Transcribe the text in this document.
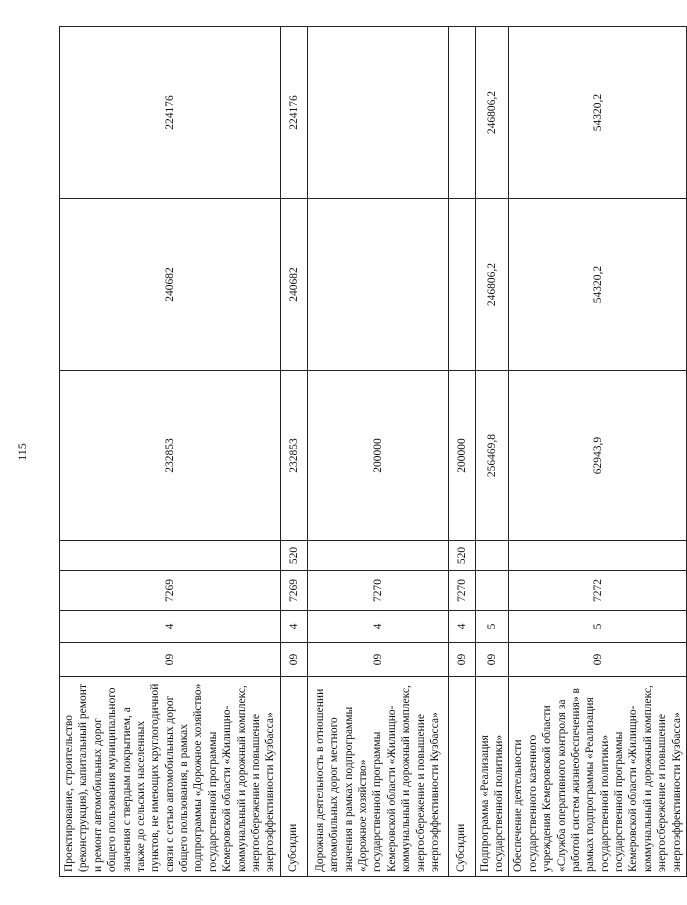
115
Проектирование, строительство (реконструкция), капитальный ремонт и ремонт автомобильных дорог общего пользования муниципального значения с твердым покрытием, а также до сельских населенных пунктов, не имеющих круглогодичной связи с сетью автомобильных дорог общего пользования, в рамках подпрограммы «Дорожное хозяйство» государственной программы Кемеровской области «Жилищно-коммунальный и дорожный комплекс, энергосбережение и повышение энергоэффективности Кузбасса»	09	4	7269		232853	240682	224176
Субсидии	09	4	7269	520	232853	240682	224176
Дорожная деятельность в отношении автомобильных дорог местного значения в рамках подпрограммы «Дорожное хозяйство» государственной программы Кемеровской области «Жилищно-коммунальный и дорожный комплекс, энергосбережение и повышение энергоэффективности Кузбасса»	09	4	7270		200000		
Субсидии	09	4	7270	520	200000		
Подпрограмма «Реализация государственной политики»	09	5			256469,8	246806,2	246806,2
Обеспечение деятельности государственного казенного учреждения Кемеровской области «Служба оперативного контроля за работой систем жизнеобеспечения» в рамках подпрограммы «Реализация государственной политики» государственной программы Кемеровской области «Жилищно-коммунальный и дорожный комплекс, энергосбережение и повышение энергоэффективности Кузбасса»	09	5	7272		62943,9	54320,2	54320,2
